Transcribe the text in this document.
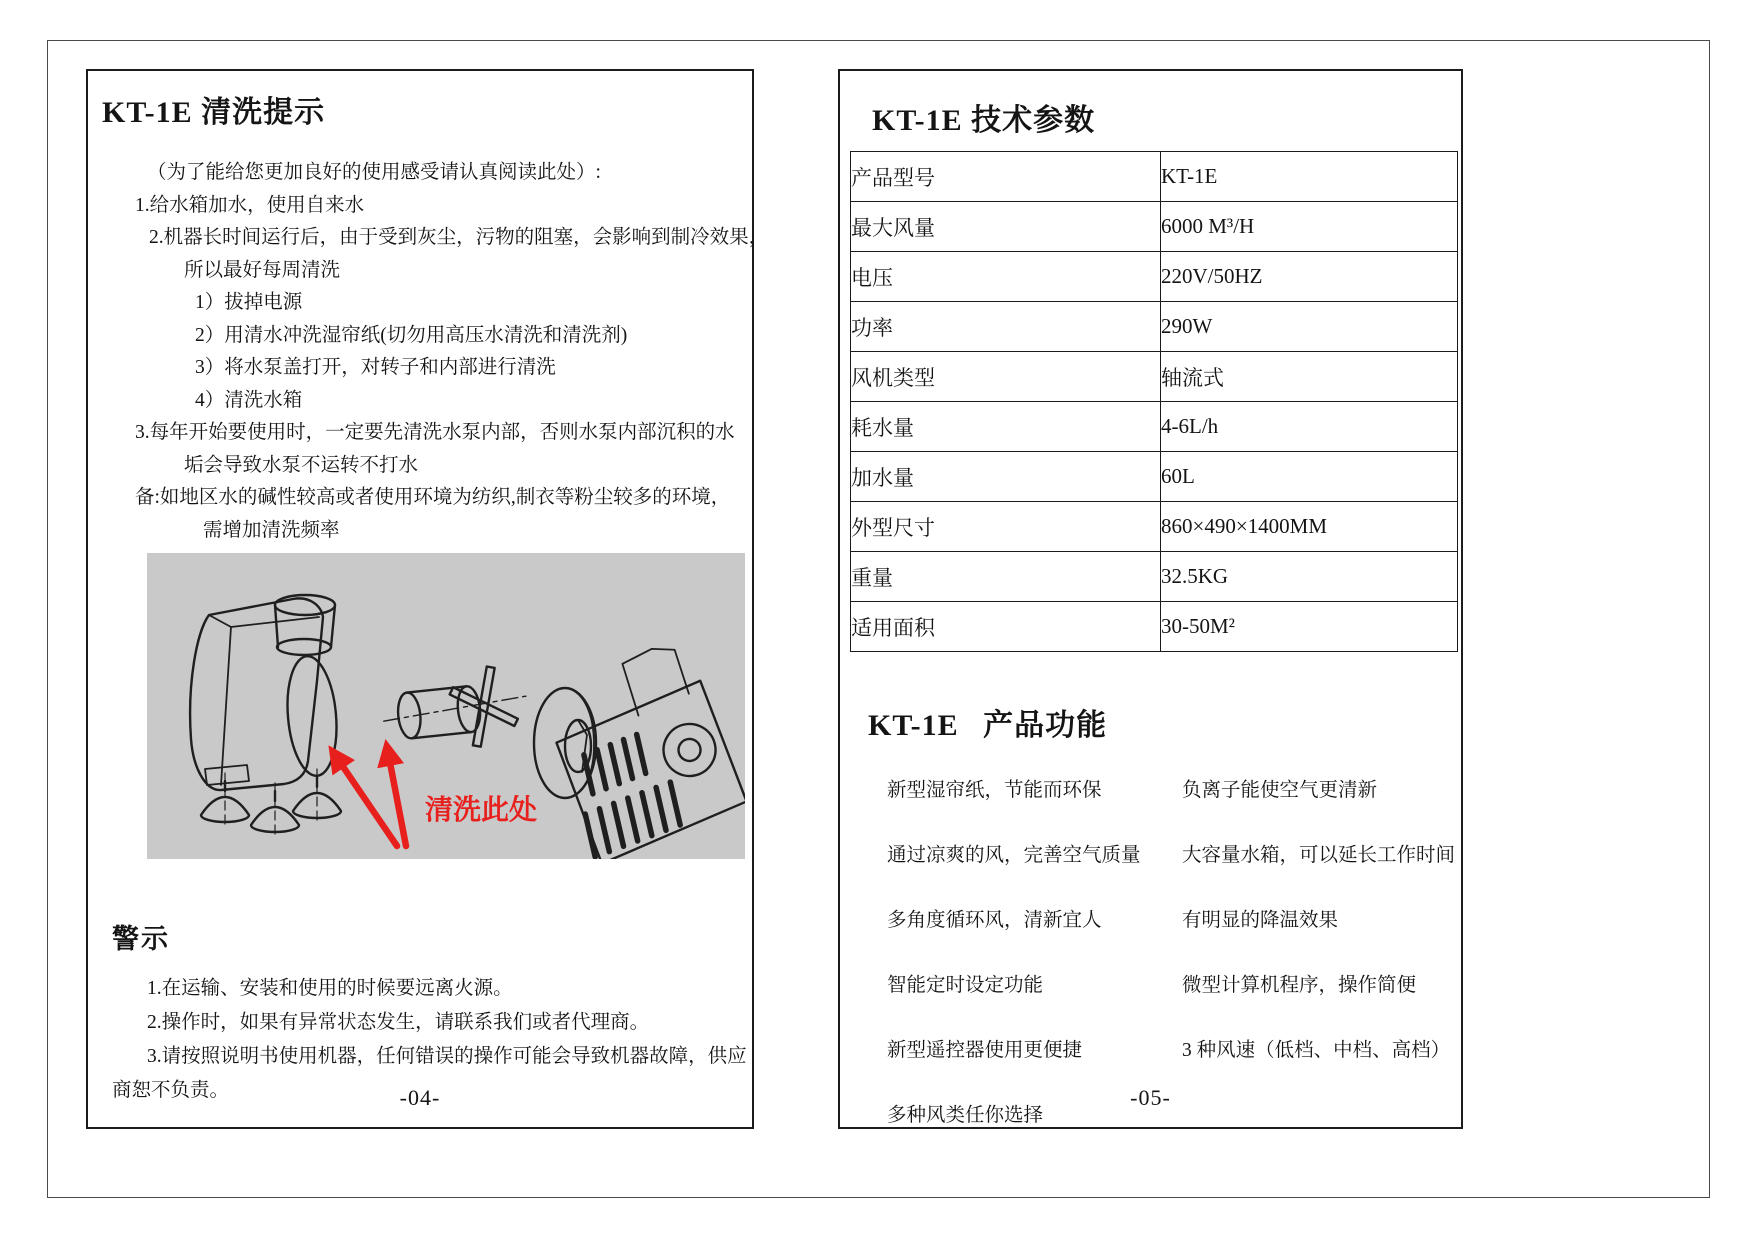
KT-1E 清洗提示
（为了能给您更加良好的使用感受请认真阅读此处）:
1.给水箱加水，使用自来水
2.机器长时间运行后，由于受到灰尘，污物的阻塞，会影响到制冷效果，
所以最好每周清洗
1）拔掉电源
2）用清水冲洗湿帘纸(切勿用高压水清洗和清洗剂)
3）将水泵盖打开，对转子和内部进行清洗
4）清洗水箱
3.每年开始要使用时，一定要先清洗水泵内部，否则水泵内部沉积的水
垢会导致水泵不运转不打水
备:如地区水的碱性较高或者使用环境为纺织,制衣等粉尘较多的环境，
需增加清洗频率
清洗此处
警示
1.在运输、安装和使用的时候要远离火源。
2.操作时，如果有异常状态发生，请联系我们或者代理商。
3.请按照说明书使用机器，任何错误的操作可能会导致机器故障，供应
商恕不负责。	-04-
KT-1E 技术参数
产品型号	KT-1E
最大风量	6000 M³/H
电压	220V/50HZ
功率	290W
风机类型	轴流式
耗水量	4-6L/h
加水量	60L
外型尺寸	860×490×1400MM
重量	32.5KG
适用面积	30-50M²
KT-1E 产品功能
新型湿帘纸，节能而环保	负离子能使空气更清新
通过凉爽的风，完善空气质量	大容量水箱，可以延长工作时间
多角度循环风，清新宜人	有明显的降温效果
智能定时设定功能	微型计算机程序，操作简便
新型遥控器使用更便捷	3 种风速（低档、中档、高档）
多种风类任你选择
-05-
